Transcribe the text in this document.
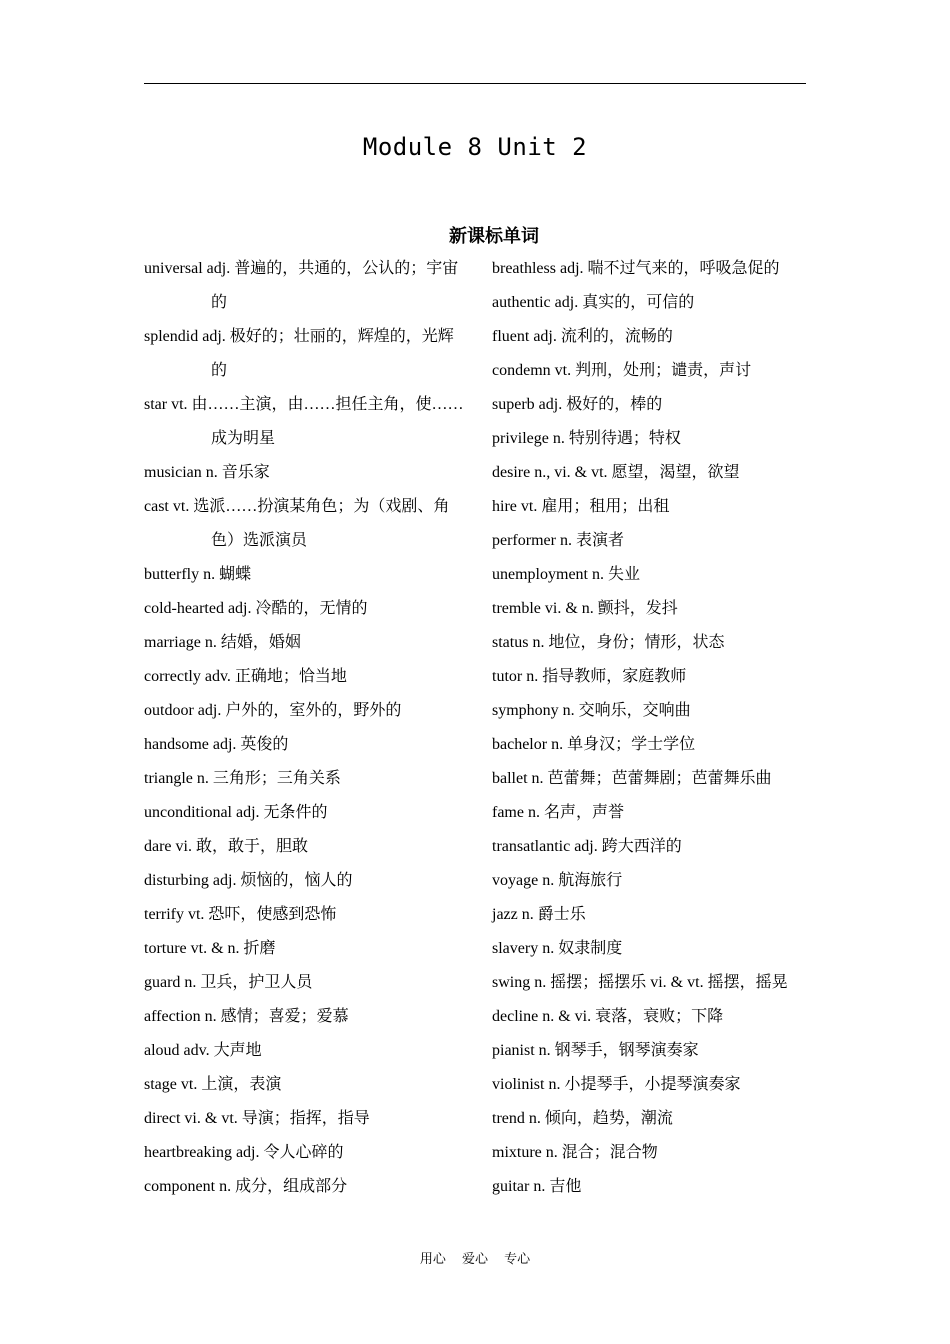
Module 8 Unit 2
新课标单词

universal adj. 普遍的，共通的，公认的；宇宙的

splendid adj. 极好的；壮丽的，辉煌的，光辉的

star vt. 由……主演，由……担任主角，使……成为明星

musician n. 音乐家

cast vt. 选派……扮演某角色；为（戏剧、角色）选派演员

butterfly n. 蝴蝶

cold-hearted adj. 冷酷的，无情的

marriage n. 结婚，婚姻

correctly adv. 正确地；恰当地

outdoor adj. 户外的，室外的，野外的

handsome adj. 英俊的

triangle n. 三角形；三角关系

unconditional adj. 无条件的

dare vi. 敢，敢于，胆敢

disturbing adj. 烦恼的，恼人的

terrify vt. 恐吓，使感到恐怖

torture vt. & n. 折磨

guard n. 卫兵，护卫人员

affection n. 感情；喜爱；爱慕

aloud adv. 大声地

stage vt. 上演，表演

direct vi. & vt. 导演；指挥，指导

heartbreaking adj. 令人心碎的

component n. 成分，组成部分

breathless adj. 喘不过气来的，呼吸急促的

authentic adj. 真实的，可信的

fluent adj. 流利的，流畅的

condemn vt. 判刑，处刑；谴责，声讨

superb adj. 极好的，棒的

privilege n. 特别待遇；特权

desire n., vi. & vt. 愿望，渴望，欲望

hire vt. 雇用；租用；出租

performer n. 表演者

unemployment n. 失业

tremble vi. & n. 颤抖，发抖

status n. 地位，身份；情形，状态

tutor n. 指导教师，家庭教师

symphony n. 交响乐，交响曲

bachelor n. 单身汉；学士学位

ballet n. 芭蕾舞；芭蕾舞剧；芭蕾舞乐曲

fame n. 名声，声誉

transatlantic adj. 跨大西洋的

voyage n. 航海旅行

jazz n. 爵士乐

slavery n. 奴隶制度

swing n. 摇摆；摇摆乐 vi. & vt. 摇摆，摇晃

decline n. & vi. 衰落，衰败；下降

pianist n. 钢琴手，钢琴演奏家

violinist n. 小提琴手，小提琴演奏家

trend n. 倾向，趋势，潮流

mixture n. 混合；混合物

guitar n. 吉他

用心 爱心 专心
